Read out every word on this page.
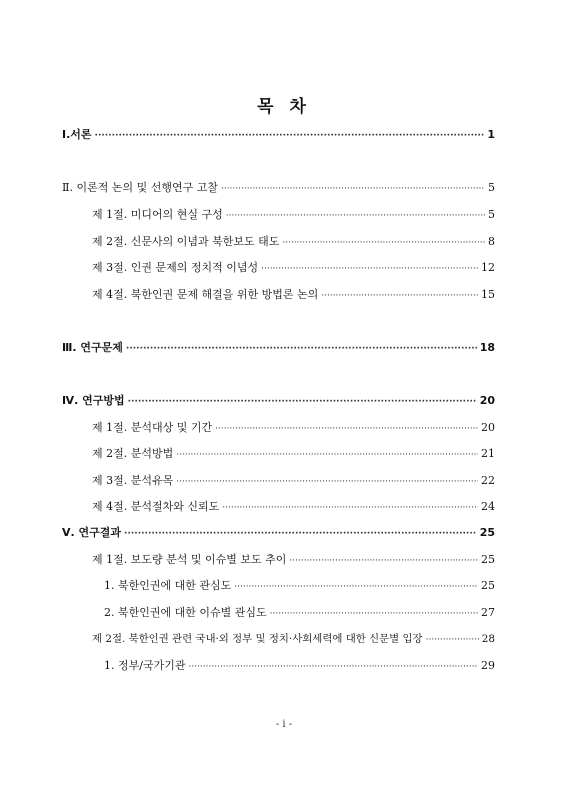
목 차
Ⅰ.서론 ·····	1
Ⅱ. 이론적 논의 및 선행연구 고찰 ·····	5
제 1절. 미디어의 현실 구성 ·····	5
제 2절. 신문사의 이념과 북한보도 태도 ·····	8
제 3절. 인권 문제의 정치적 이념성 ·····	12
제 4절. 북한인권 문제 해결을 위한 방법론 논의 ·····	15
Ⅲ. 연구문제 ·····	18
Ⅳ. 연구방법 ·····	20
제 1절. 분석대상 및 기간 ·····	20
제 2절. 분석방법 ·····	21
제 3절. 분석유목 ·····	22
제 4절. 분석절차와 신뢰도 ·····	24
Ⅴ. 연구결과 ·····	25
제 1절. 보도량 분석 및 이슈별 보도 추이 ·····	25
1. 북한인권에 대한 관심도 ·····	25
2. 북한인권에 대한 이슈별 관심도 ·····	27
제 2절. 북한인권 관련 국내·외 정부 및 정치·사회세력에 대한 신문별 입장 ·····	28
1. 정부/국가기관 ·····	29
- i -
